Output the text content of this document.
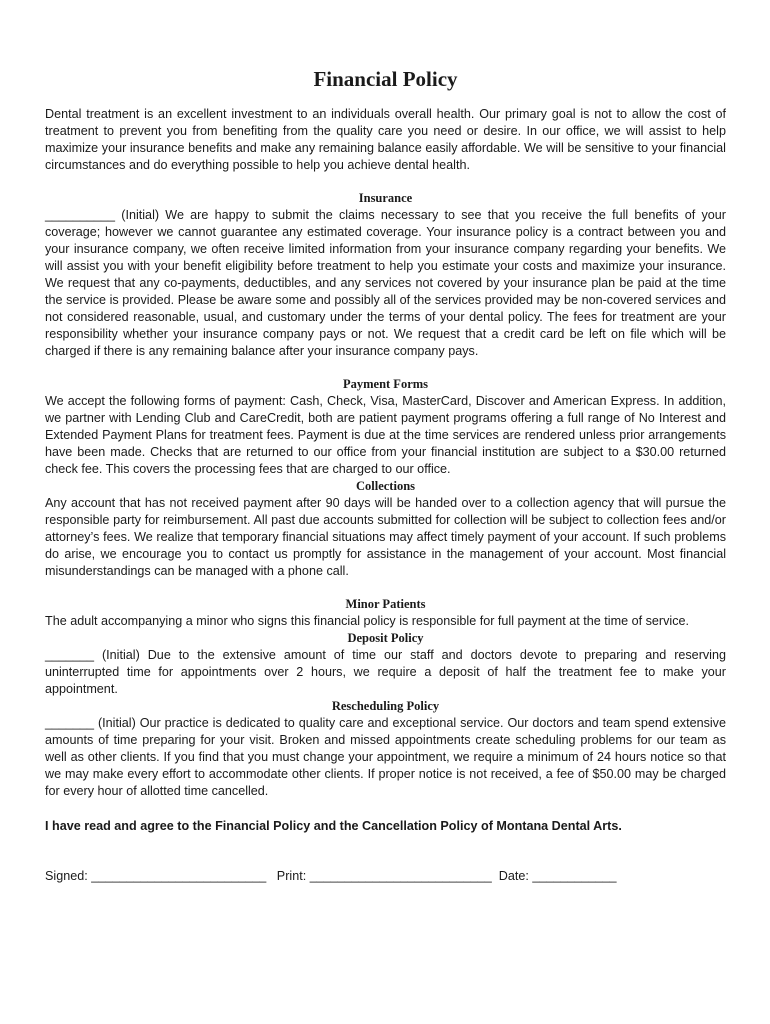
Financial Policy

Dental treatment is an excellent investment to an individuals overall health. Our primary goal is not to allow the cost of treatment to prevent you from benefiting from the quality care you need or desire. In our office, we will assist to help maximize your insurance benefits and make any remaining balance easily affordable. We will be sensitive to your financial circumstances and do everything possible to help you achieve dental health.

Insurance

__________ (Initial) We are happy to submit the claims necessary to see that you receive the full benefits of your coverage; however we cannot guarantee any estimated coverage. Your insurance policy is a contract between you and your insurance company, we often receive limited information from your insurance company regarding your benefits. We will assist you with your benefit eligibility before treatment to help you estimate your costs and maximize your insurance. We request that any co-payments, deductibles, and any services not covered by your insurance plan be paid at the time the service is provided. Please be aware some and possibly all of the services provided may be non-covered services and not considered reasonable, usual, and customary under the terms of your dental policy. The fees for treatment are your responsibility whether your insurance company pays or not. We request that a credit card be left on file which will be charged if there is any remaining balance after your insurance company pays.

Payment Forms

We accept the following forms of payment: Cash, Check, Visa, MasterCard, Discover and American Express. In addition, we partner with Lending Club and CareCredit, both are patient payment programs offering a full range of No Interest and Extended Payment Plans for treatment fees. Payment is due at the time services are rendered unless prior arrangements have been made. Checks that are returned to our office from your financial institution are subject to a $30.00 returned check fee. This covers the processing fees that are charged to our office.

Collections

Any account that has not received payment after 90 days will be handed over to a collection agency that will pursue the responsible party for reimbursement. All past due accounts submitted for collection will be subject to collection fees and/or attorney’s fees. We realize that temporary financial situations may affect timely payment of your account. If such problems do arise, we encourage you to contact us promptly for assistance in the management of your account. Most financial misunderstandings can be managed with a phone call.

Minor Patients

The adult accompanying a minor who signs this financial policy is responsible for full payment at the time of service.

Deposit Policy

_______ (Initial) Due to the extensive amount of time our staff and doctors devote to preparing and reserving uninterrupted time for appointments over 2 hours, we require a deposit of half the treatment fee to make your appointment.

Rescheduling Policy

_______ (Initial) Our practice is dedicated to quality care and exceptional service. Our doctors and team spend extensive amounts of time preparing for your visit. Broken and missed appointments create scheduling problems for our team as well as other clients. If you find that you must change your appointment, we require a minimum of 24 hours notice so that we may make every effort to accommodate other clients. If proper notice is not received, a fee of $50.00 may be charged for every hour of allotted time cancelled.

I have read and agree to the Financial Policy and the Cancellation Policy of Montana Dental Arts.

Signed: _________________________   Print: __________________________  Date: ____________
